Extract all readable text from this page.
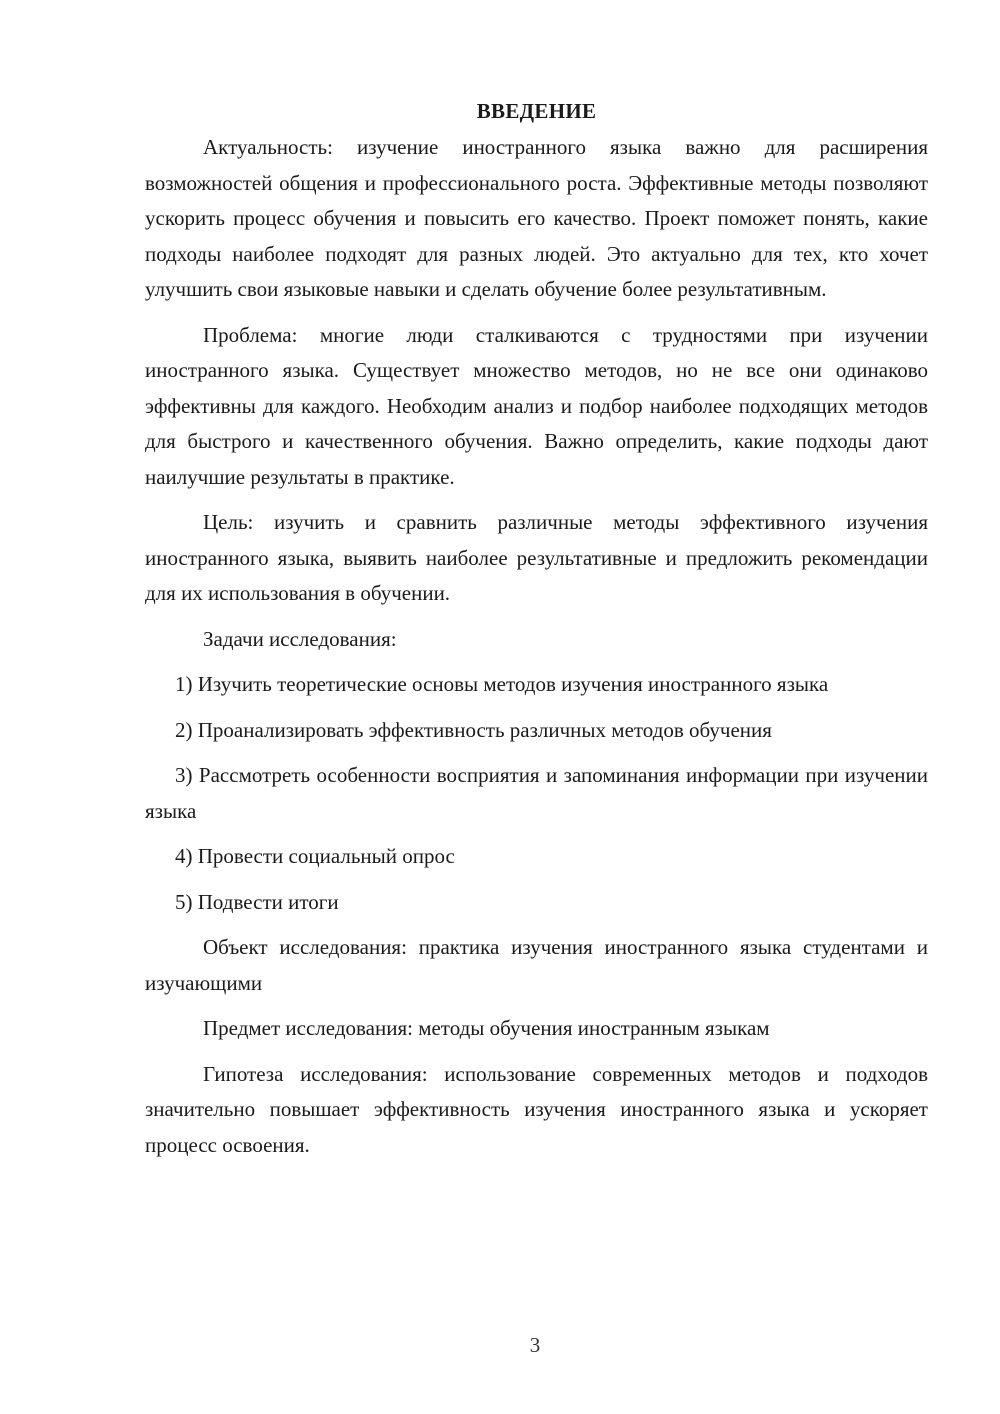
ВВЕДЕНИЕ

Актуальность: изучение иностранного языка важно для расширения возможностей общения и профессионального роста. Эффективные методы позволяют ускорить процесс обучения и повысить его качество. Проект поможет понять, какие подходы наиболее подходят для разных людей. Это актуально для тех, кто хочет улучшить свои языковые навыки и сделать обучение более результативным.

Проблема: многие люди сталкиваются с трудностями при изучении иностранного языка. Существует множество методов, но не все они одинаково эффективны для каждого. Необходим анализ и подбор наиболее подходящих методов для быстрого и качественного обучения. Важно определить, какие подходы дают наилучшие результаты в практике.

Цель: изучить и сравнить различные методы эффективного изучения иностранного языка, выявить наиболее результативные и предложить рекомендации для их использования в обучении.

Задачи исследования:

1) Изучить теоретические основы методов изучения иностранного языка

2) Проанализировать эффективность различных методов обучения

3) Рассмотреть особенности восприятия и запоминания информации при изучении языка

4) Провести социальный опрос

5) Подвести итоги

Объект исследования: практика изучения иностранного языка студентами и изучающими

Предмет исследования: методы обучения иностранным языкам

Гипотеза исследования: использование современных методов и подходов значительно повышает эффективность изучения иностранного языка и ускоряет процесс освоения.

3
